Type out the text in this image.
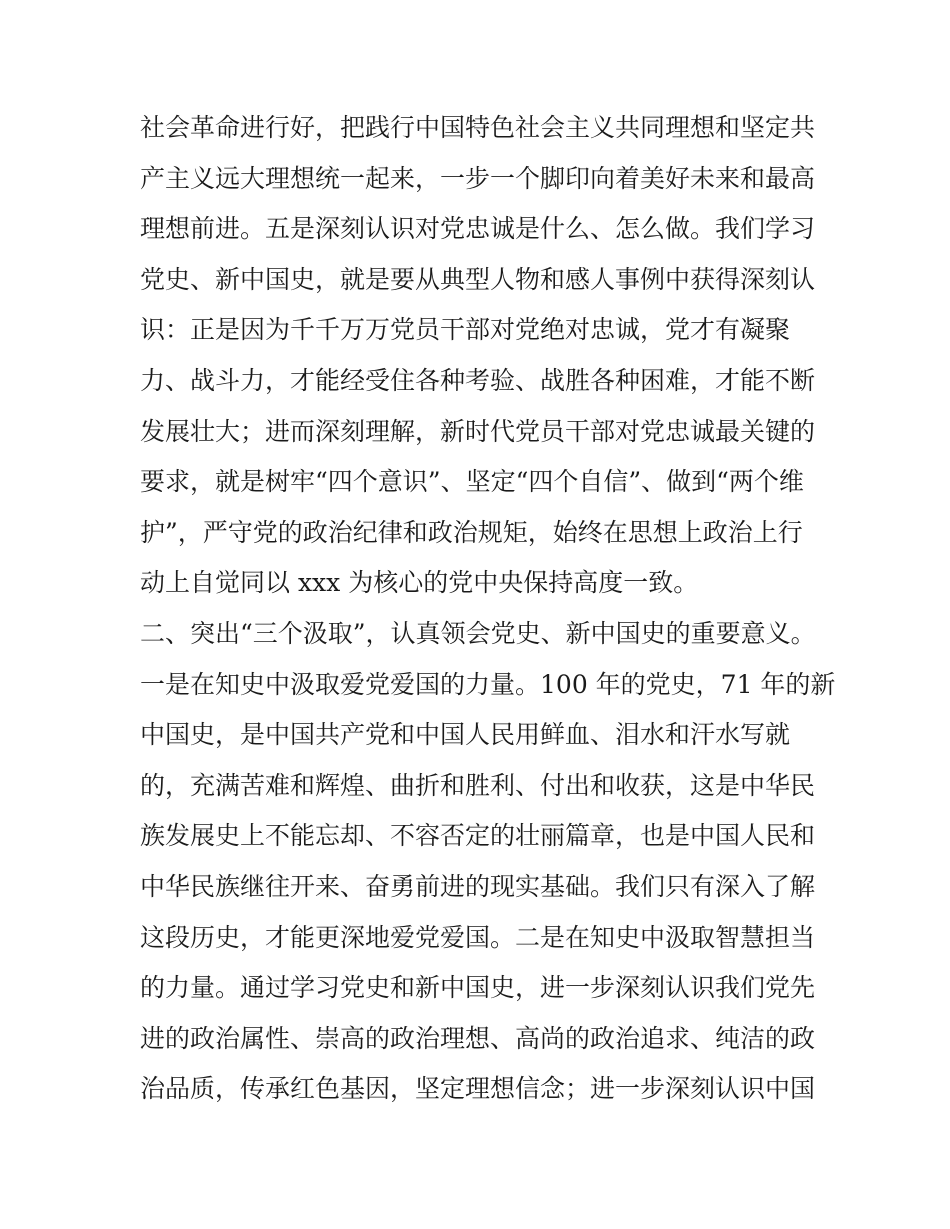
社会革命进行好，把践行中国特色社会主义共同理想和坚定共
产主义远大理想统一起来，一步一个脚印向着美好未来和最高
理想前进。五是深刻认识对党忠诚是什么、怎么做。我们学习
党史、新中国史，就是要从典型人物和感人事例中获得深刻认
识：正是因为千千万万党员干部对党绝对忠诚，党才有凝聚
力、战斗力，才能经受住各种考验、战胜各种困难，才能不断
发展壮大；进而深刻理解，新时代党员干部对党忠诚最关键的
要求，就是树牢“四个意识”、坚定“四个自信”、做到“两个维
护”，严守党的政治纪律和政治规矩，始终在思想上政治上行
动上自觉同以 xxx 为核心的党中央保持高度一致。
二、突出“三个汲取”，认真领会党史、新中国史的重要意义。
一是在知史中汲取爱党爱国的力量。100 年的党史，71 年的新
中国史，是中国共产党和中国人民用鲜血、泪水和汗水写就
的，充满苦难和辉煌、曲折和胜利、付出和收获，这是中华民
族发展史上不能忘却、不容否定的壮丽篇章，也是中国人民和
中华民族继往开来、奋勇前进的现实基础。我们只有深入了解
这段历史，才能更深地爱党爱国。二是在知史中汲取智慧担当
的力量。通过学习党史和新中国史，进一步深刻认识我们党先
进的政治属性、崇高的政治理想、高尚的政治追求、纯洁的政
治品质，传承红色基因，坚定理想信念；进一步深刻认识中国
